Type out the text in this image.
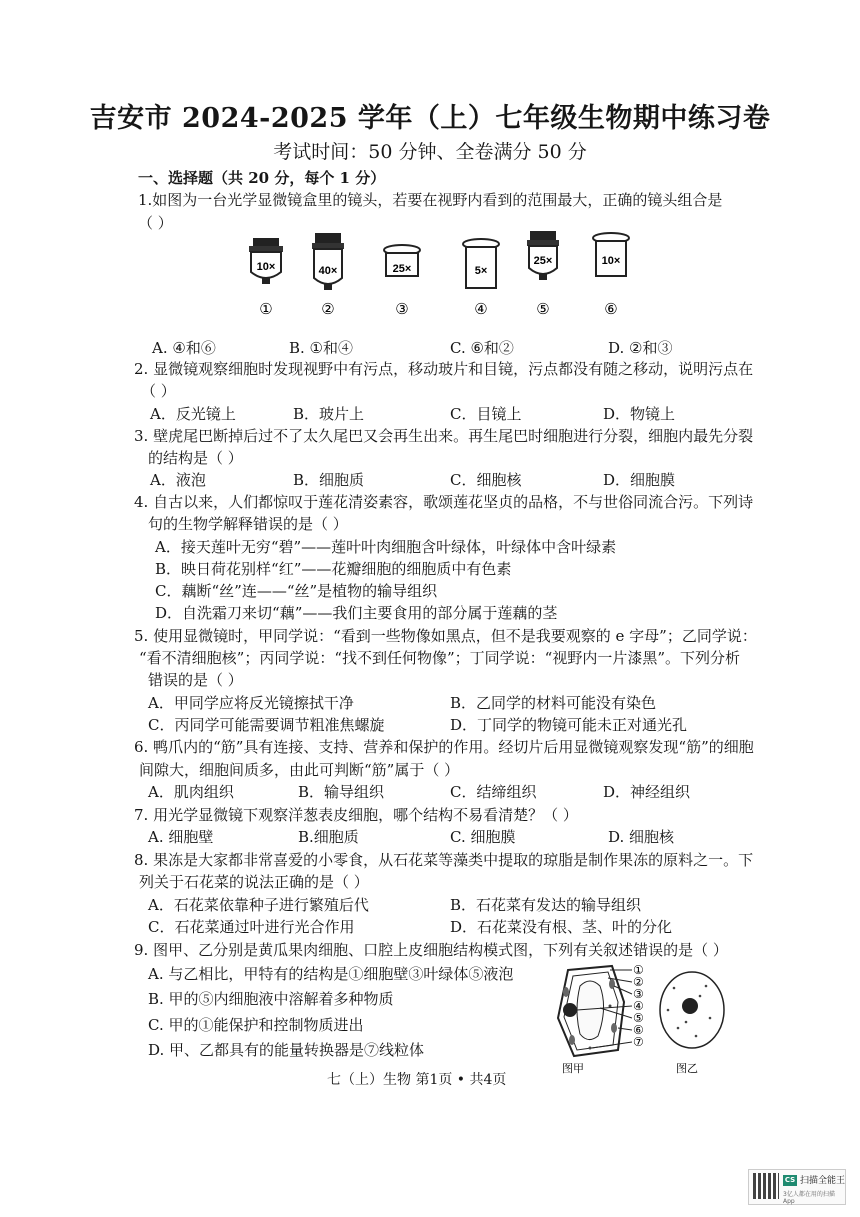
吉安市 2024-2025 学年（上）七年级生物期中练习卷
考试时间：50 分钟、全卷满分 50 分
一、选择题（共 20 分，每个 1 分）
1.如图为一台光学显微镜盒里的镜头，若要在视野内看到的范围最大，正确的镜头组合是
（ ）
10×
①
40×
②
25×
③
5×
④
25×
⑤
10×
⑥
A. ④和⑥	B. ①和④	C. ⑥和②	D. ②和③
2. 显微镜观察细胞时发现视野中有污点，移动玻片和目镜，污点都没有随之移动，说明污点在
（ ）
A．反光镜上	B．玻片上	C．目镜上	D．物镜上
3. 壁虎尾巴断掉后过不了太久尾巴又会再生出来。再生尾巴时细胞进行分裂，细胞内最先分裂
的结构是（ ）
A．液泡	B．细胞质	C．细胞核	D．细胞膜
4. 自古以来，人们都惊叹于莲花清姿素容，歌颂莲花坚贞的品格，不与世俗同流合污。下列诗
句的生物学解释错误的是（ ）
A．接天莲叶无穷“碧”——莲叶叶肉细胞含叶绿体，叶绿体中含叶绿素
B．映日荷花别样“红”——花瓣细胞的细胞质中有色素
C．藕断“丝”连——“丝”是植物的输导组织
D．自洗霜刀来切“藕”——我们主要食用的部分属于莲藕的茎
5. 使用显微镜时，甲同学说：“看到一些物像如黑点，但不是我要观察的 e 字母”；乙同学说：
“看不清细胞核”；丙同学说：“找不到任何物像”；丁同学说：“视野内一片漆黑”。下列分析
错误的是（ ）
A．甲同学应将反光镜擦拭干净	B．乙同学的材料可能没有染色
C．丙同学可能需要调节粗准焦螺旋	D．丁同学的物镜可能未正对通光孔
6. 鸭爪内的“筋”具有连接、支持、营养和保护的作用。经切片后用显微镜观察发现“筋”的细胞
间隙大，细胞间质多，由此可判断“筋”属于（ ）
A．肌肉组织	B．输导组织	C．结缔组织	D．神经组织
7. 用光学显微镜下观察洋葱表皮细胞，哪个结构不易看清楚？（ ）
A. 细胞壁	B.细胞质	C. 细胞膜	D. 细胞核
8. 果冻是大家都非常喜爱的小零食，从石花菜等藻类中提取的琼脂是制作果冻的原料之一。下
列关于石花菜的说法正确的是（ ）
A．石花菜依靠种子进行繁殖后代	B．石花菜有发达的输导组织
C．石花菜通过叶进行光合作用	D．石花菜没有根、茎、叶的分化
9. 图甲、乙分别是黄瓜果肉细胞、口腔上皮细胞结构模式图，下列有关叙述错误的是（ ）
A. 与乙相比，甲特有的结构是①细胞壁③叶绿体⑤液泡
B. 甲的⑤内细胞液中溶解着多种物质
C. 甲的①能保护和控制物质进出
D. 甲、乙都具有的能量转换器是⑦线粒体
①
②
③
④
⑤
⑥
⑦
图甲	图乙
七（上）生物 第1页 • 共4页
CS 扫描全能王
3亿人都在用的扫描App
